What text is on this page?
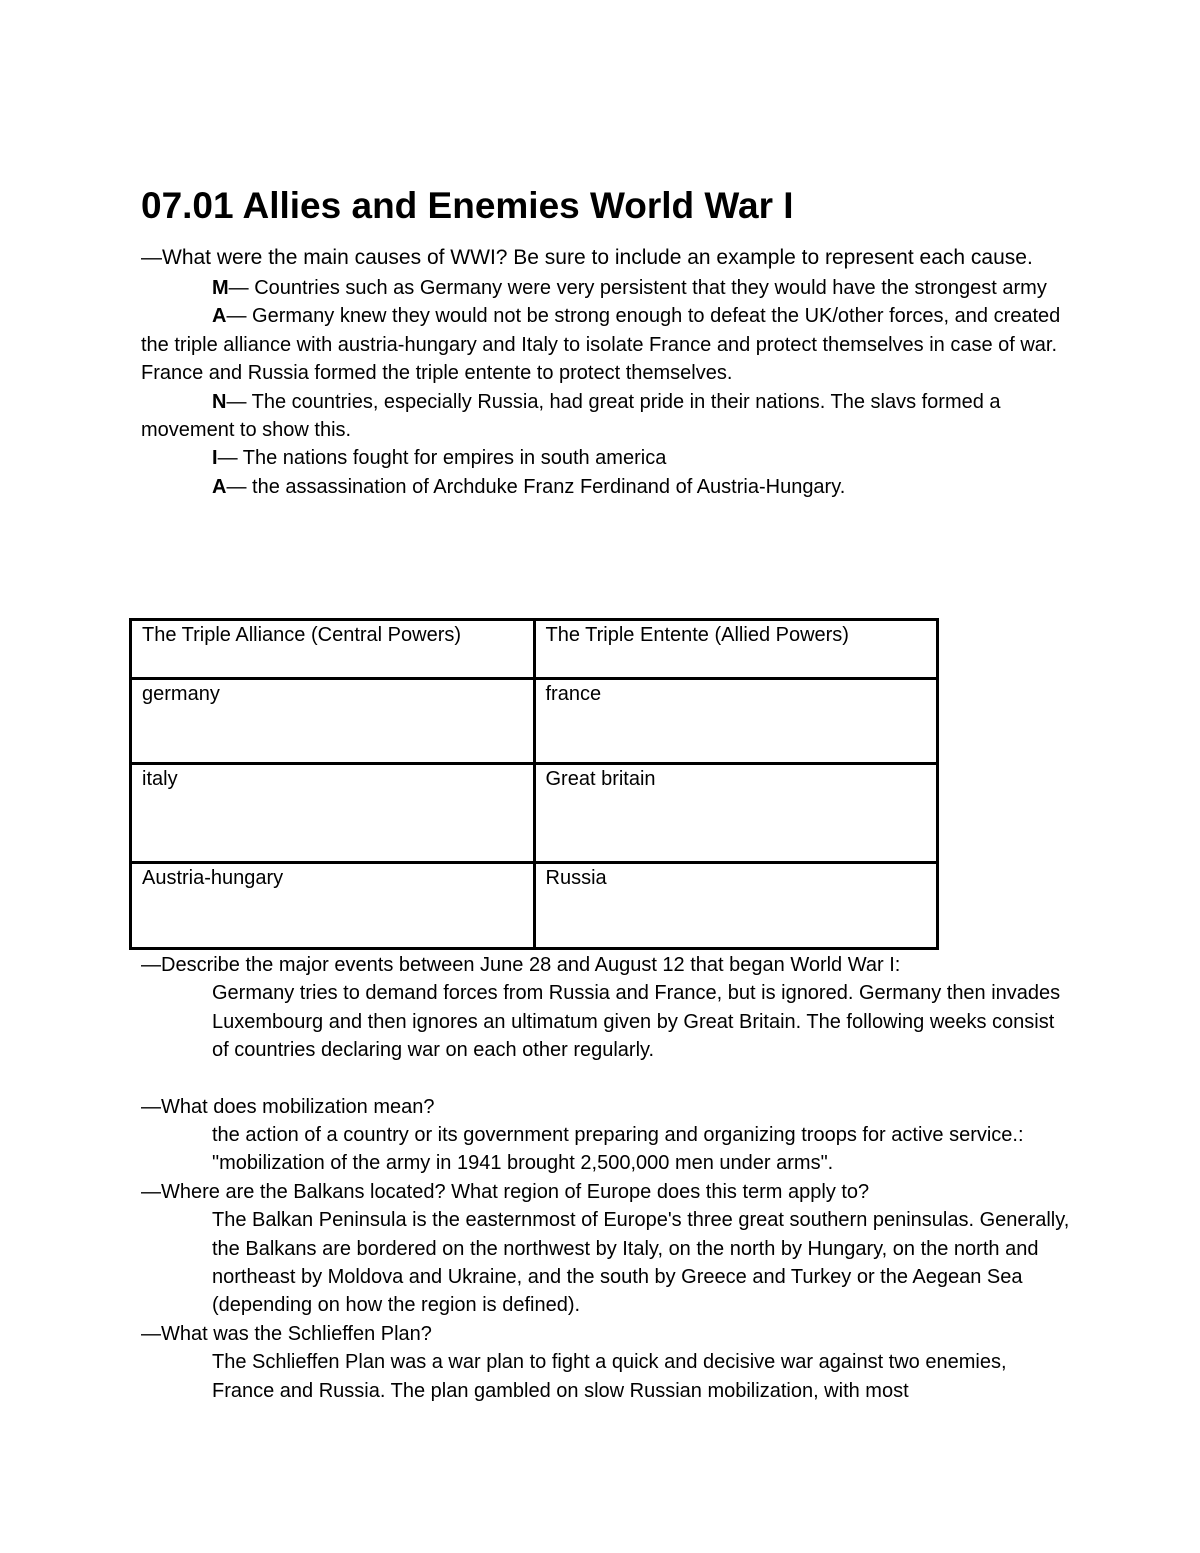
07.01 Allies and Enemies World War I
—What were the main causes of WWI? Be sure to include an example to represent each cause.
M— Countries such as Germany were very persistent that they would have the strongest army
A— Germany knew they would not be strong enough to defeat the UK/other forces, and created the triple alliance with austria-hungary and Italy to isolate France and protect themselves in case of war. France and Russia formed the triple entente to protect themselves.
N— The countries, especially Russia, had great pride in their nations. The slavs formed a movement to show this.
I— The nations fought for empires in south america
A— the assassination of Archduke Franz Ferdinand of Austria-Hungary.
The Triple Alliance (Central Powers)	The Triple Entente (Allied Powers)
germany	france
italy	Great britain
Austria-hungary	Russia
—Describe the major events between June 28 and August 12 that began World War I:
Germany tries to demand forces from Russia and France, but is ignored. Germany then invades Luxembourg and then ignores an ultimatum given by Great Britain. The following weeks consist of countries declaring war on each other regularly.
—What does mobilization mean?
the action of a country or its government preparing and organizing troops for active service.: "mobilization of the army in 1941 brought 2,500,000 men under arms".
—Where are the Balkans located? What region of Europe does this term apply to?
The Balkan Peninsula is the easternmost of Europe's three great southern peninsulas. Generally, the Balkans are bordered on the northwest by Italy, on the north by Hungary, on the north and northeast by Moldova and Ukraine, and the south by Greece and Turkey or the Aegean Sea (depending on how the region is defined).
—What was the Schlieffen Plan?
The Schlieffen Plan was a war plan to fight a quick and decisive war against two enemies, France and Russia. The plan gambled on slow Russian mobilization, with most
